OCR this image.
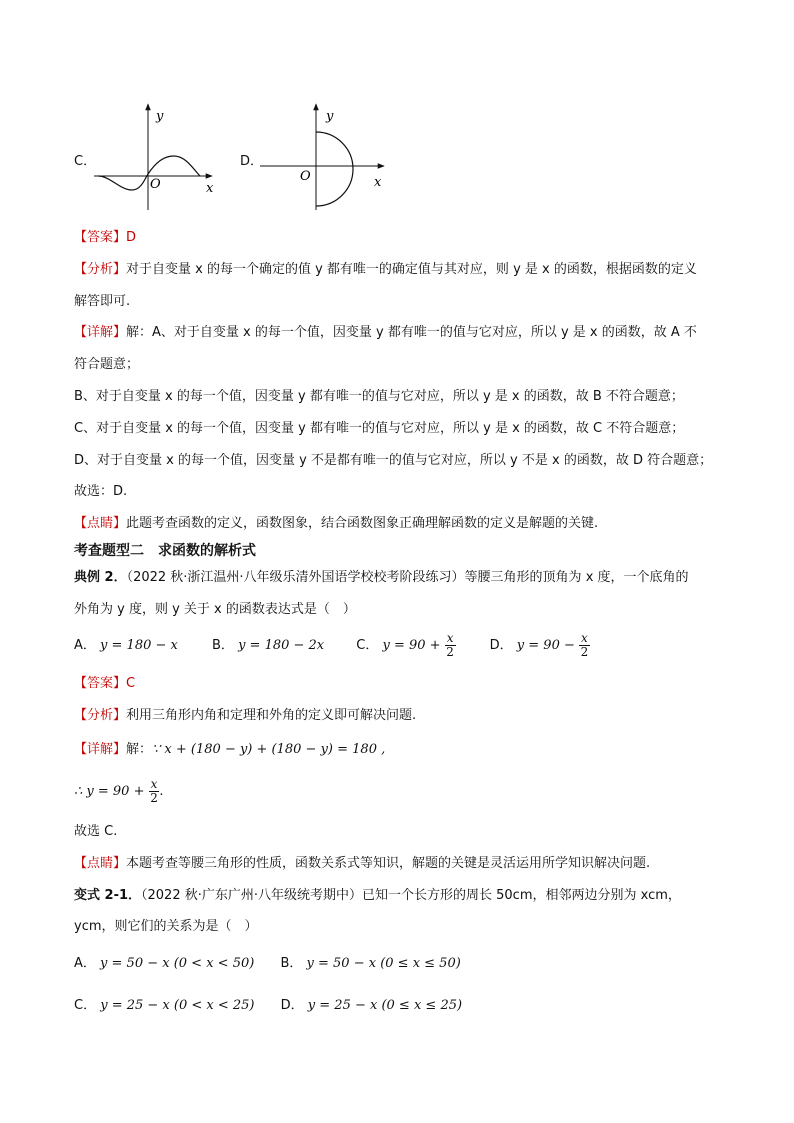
C．
y
x
O
D．
y
x
O
【答案】D
【分析】对于自变量 x 的每一个确定的值 y 都有唯一的确定值与其对应，则 y 是 x 的函数，根据函数的定义
解答即可.
【详解】解：A、对于自变量 x 的每一个值，因变量 y 都有唯一的值与它对应，所以 y 是 x 的函数，故 A 不
符合题意；
B、对于自变量 x 的每一个值，因变量 y 都有唯一的值与它对应，所以 y 是 x 的函数，故 B 不符合题意；
C、对于自变量 x 的每一个值，因变量 y 都有唯一的值与它对应，所以 y 是 x 的函数，故 C 不符合题意；
D、对于自变量 x 的每一个值，因变量 y 不是都有唯一的值与它对应，所以 y 不是 x 的函数，故 D 符合题意；
故选：D.
【点睛】此题考查函数的定义，函数图象，结合函数图象正确理解函数的定义是解题的关键.
考查题型二　求函数的解析式
典例 2．（2022 秋·浙江温州·八年级乐清外国语学校校考阶段练习）等腰三角形的顶角为 x 度，一个底角的
外角为 y 度，则 y 关于 x 的函数表达式是（　）
A． y = 180 − x	B． y = 180 − 2x C． $y = 90 + \frac{x}{2}$	D． $y = 90 - \frac{x}{2}$
【答案】C
【分析】利用三角形内角和定理和外角的定义即可解决问题.
【详解】解：∵ x + (180 − y) + (180 − y) = 180 ,
∴ $y = 90 + \frac{x}{2}$ .
故选 C.
【点睛】本题考查等腰三角形的性质，函数关系式等知识，解题的关键是灵活运用所学知识解决问题.
变式 2-1．（2022 秋·广东广州·八年级统考期中）已知一个长方形的周长 50cm，相邻两边分别为 xcm，
ycm，则它们的关系为是（　）
A． y = 50 − x (0 < x < 50) B． y = 50 − x (0 ≤ x ≤ 50)
C． y = 25 − x (0 < x < 25) D． y = 25 − x (0 ≤ x ≤ 25)
